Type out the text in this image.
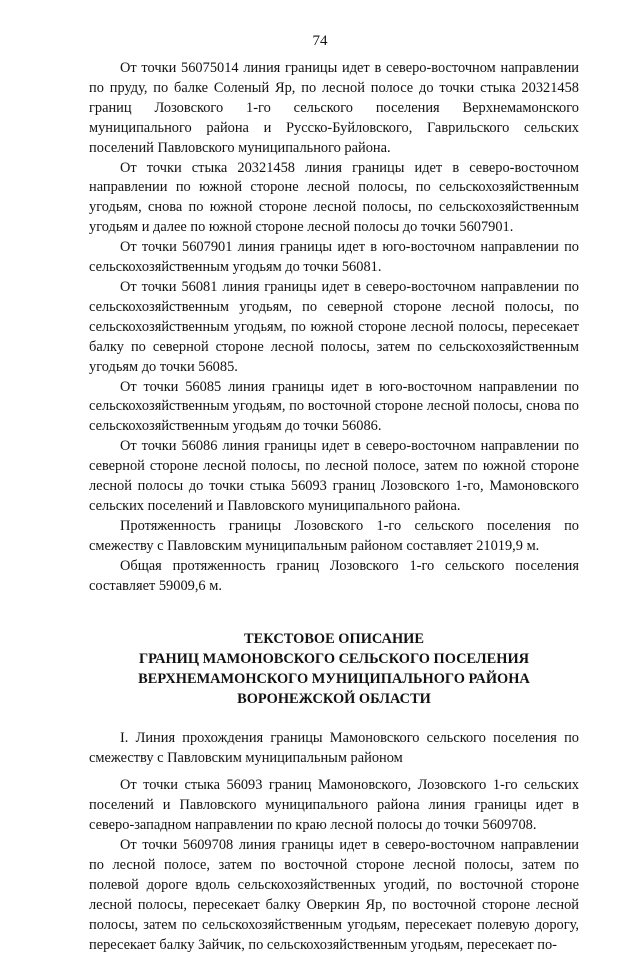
74

От точки 56075014 линия границы идет в северо-восточном направлении по пруду, по балке Соленый Яр, по лесной полосе до точки стыка 20321458 границ Лозовского 1-го сельского поселения Верхнемамонского муниципального района и Русско-Буйловского, Гаврильского сельских поселений Павловского муниципального района.

От точки стыка 20321458 линия границы идет в северо-восточном направлении по южной стороне лесной полосы, по сельскохозяйственным угодьям, снова по южной стороне лесной полосы, по сельскохозяйственным угодьям и далее по южной стороне лесной полосы до точки 5607901.

От точки 5607901 линия границы идет в юго-восточном направлении по сельскохозяйственным угодьям до точки 56081.

От точки 56081 линия границы идет в северо-восточном направлении по сельскохозяйственным угодьям, по северной стороне лесной полосы, по сельскохозяйственным угодьям, по южной стороне лесной полосы, пересекает балку по северной стороне лесной полосы, затем по сельскохозяйственным угодьям до точки 56085.

От точки 56085 линия границы идет в юго-восточном направлении по сельскохозяйственным угодьям, по восточной стороне лесной полосы, снова по сельскохозяйственным угодьям до точки 56086.

От точки 56086 линия границы идет в северо-восточном направлении по северной стороне лесной полосы, по лесной полосе, затем по южной стороне лесной полосы до точки стыка 56093 границ Лозовского 1-го, Мамоновского сельских поселений и Павловского муниципального района.

Протяженность границы Лозовского 1-го сельского поселения по смежеству с Павловским муниципальным районом составляет 21019,9 м.

Общая протяженность границ Лозовского 1-го сельского поселения составляет 59009,6 м.

ТЕКСТОВОЕ ОПИСАНИЕ
ГРАНИЦ МАМОНОВСКОГО СЕЛЬСКОГО ПОСЕЛЕНИЯ
ВЕРХНЕМАМОНСКОГО МУНИЦИПАЛЬНОГО РАЙОНА
ВОРОНЕЖСКОЙ ОБЛАСТИ

I. Линия прохождения границы Мамоновского сельского поселения по смежеству с Павловским муниципальным районом

От точки стыка 56093 границ Мамоновского, Лозовского 1-го сельских поселений и Павловского муниципального района линия границы идет в северо-западном направлении по краю лесной полосы до точки 5609708.

От точки 5609708 линия границы идет в северо-восточном направлении по лесной полосе, затем по восточной стороне лесной полосы, затем по полевой дороге вдоль сельскохозяйственных угодий, по восточной стороне лесной полосы, пересекает балку Оверкин Яр, по восточной стороне лесной полосы, затем по сельскохозяйственным угодьям, пересекает полевую дорогу, пересекает балку Зайчик, по сельскохозяйственным угодьям, пересекает по-
